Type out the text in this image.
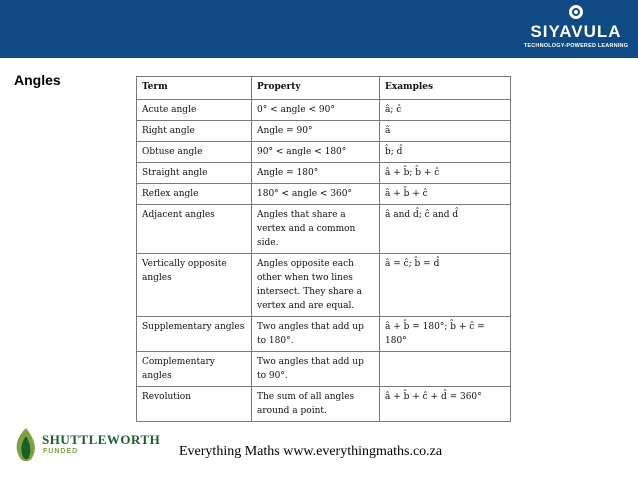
SIYAVULA
TECHNOLOGY-POWERED LEARNING
Angles	Term	Property	Examples
Acute angle	0° < angle < 90°	â; ĉ
Right angle	Angle = 90°	â
Obtuse angle	90° < angle < 180°	b̂; d̂
Straight angle	Angle = 180°	â + b̂; b̂ + ĉ
Reflex angle	180° < angle < 360°	â + b̂ + ĉ
Adjacent angles	Angles that share a vertex and a common side.	â and d̂; ĉ and d̂
Vertically opposite angles	Angles opposite each other when two lines intersect. They share a vertex and are equal.	â = ĉ; b̂ = d̂
Supplementary angles	Two angles that add up to 180°.	â + b̂ = 180°; b̂ + ĉ = 180°
Complementary angles	Two angles that add up to 90°.	
Revolution	The sum of all angles around a point.	â + b̂ + ĉ + d̂ = 360°
SHUTTLEWORTH
FUNDED	Everything Maths www.everythingmaths.co.za
